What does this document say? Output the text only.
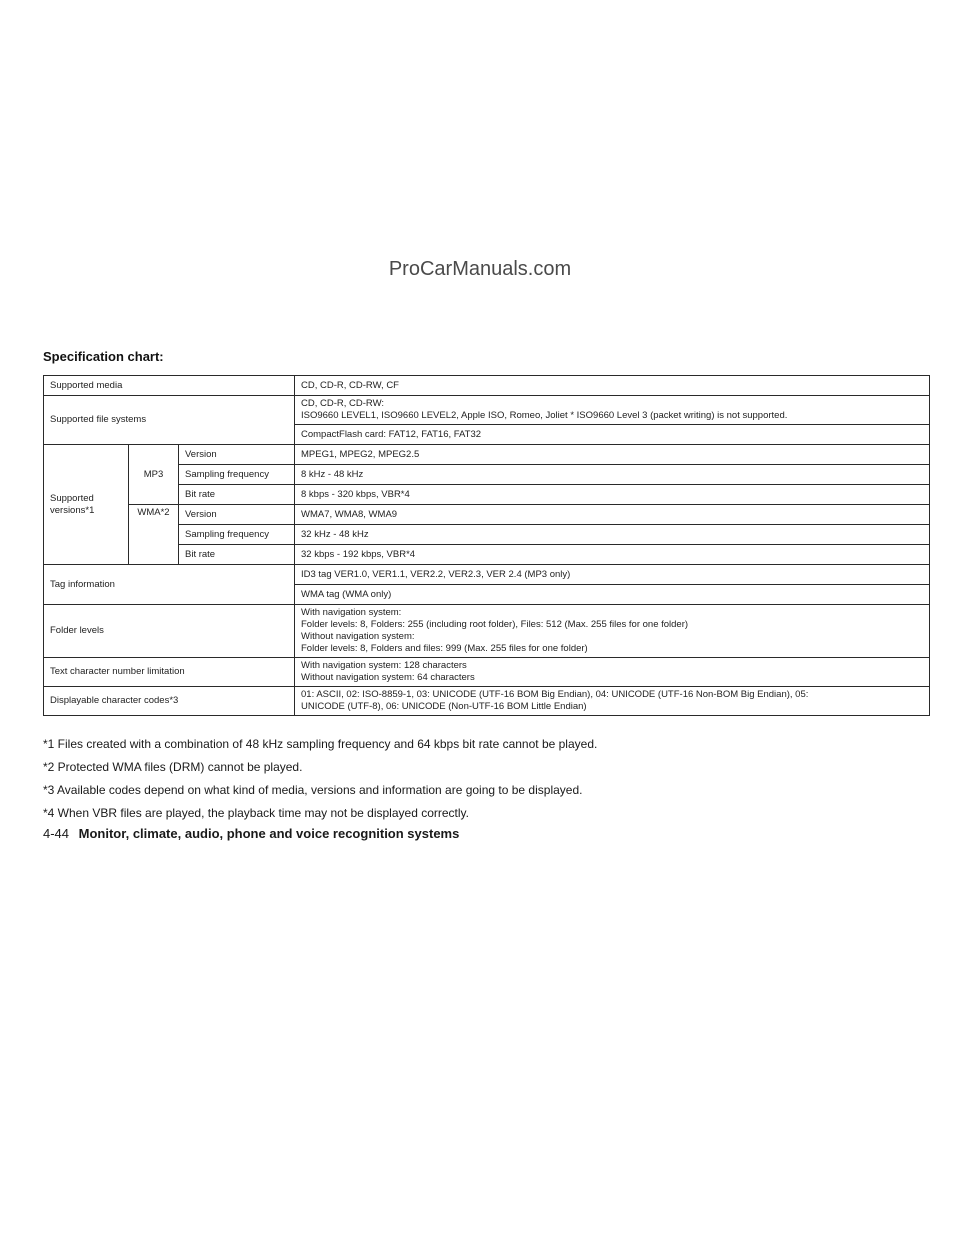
ProCarManuals.com
Specification chart:
Supported media			CD, CD-R, CD-RW, CF
Supported file systems			CD, CD-R, CD-RW:
ISO9660 LEVEL1, ISO9660 LEVEL2, Apple ISO, Romeo, Joliet * ISO9660 Level 3 (packet writing) is not supported.

			CompactFlash card: FAT12, FAT16, FAT32

Supported
versions*1	MP3	Version	MPEG1, MPEG2, MPEG2.5
		Sampling frequency	8 kHz - 48 kHz
		Bit rate	8 kbps - 320 kbps, VBR*4
	WMA*2	Version	WMA7, WMA8, WMA9
		Sampling frequency	32 kHz - 48 kHz
		Bit rate	32 kbps - 192 kbps, VBR*4
Tag information			ID3 tag VER1.0, VER1.1, VER2.2, VER2.3, VER 2.4 (MP3 only)
			WMA tag (WMA only)
Folder levels			With navigation system:
Folder levels: 8, Folders: 255 (including root folder), Files: 512 (Max. 255 files for one folder)
Without navigation system:
Folder levels: 8, Folders and files: 999 (Max. 255 files for one folder)

Text character number limitation			With navigation system: 128 characters
Without navigation system: 64 characters

Displayable character codes*3			01: ASCII, 02: ISO-8859-1, 03: UNICODE (UTF-16 BOM Big Endian), 04: UNICODE (UTF-16 Non-BOM Big Endian), 05:
UNICODE (UTF-8), 06: UNICODE (Non-UTF-16 BOM Little Endian)
*1 Files created with a combination of 48 kHz sampling frequency and 64 kbps bit rate cannot be played.
*2 Protected WMA files (DRM) cannot be played.
*3 Available codes depend on what kind of media, versions and information are going to be displayed.
*4 When VBR files are played, the playback time may not be displayed correctly.
4-44 Monitor, climate, audio, phone and voice recognition systems
